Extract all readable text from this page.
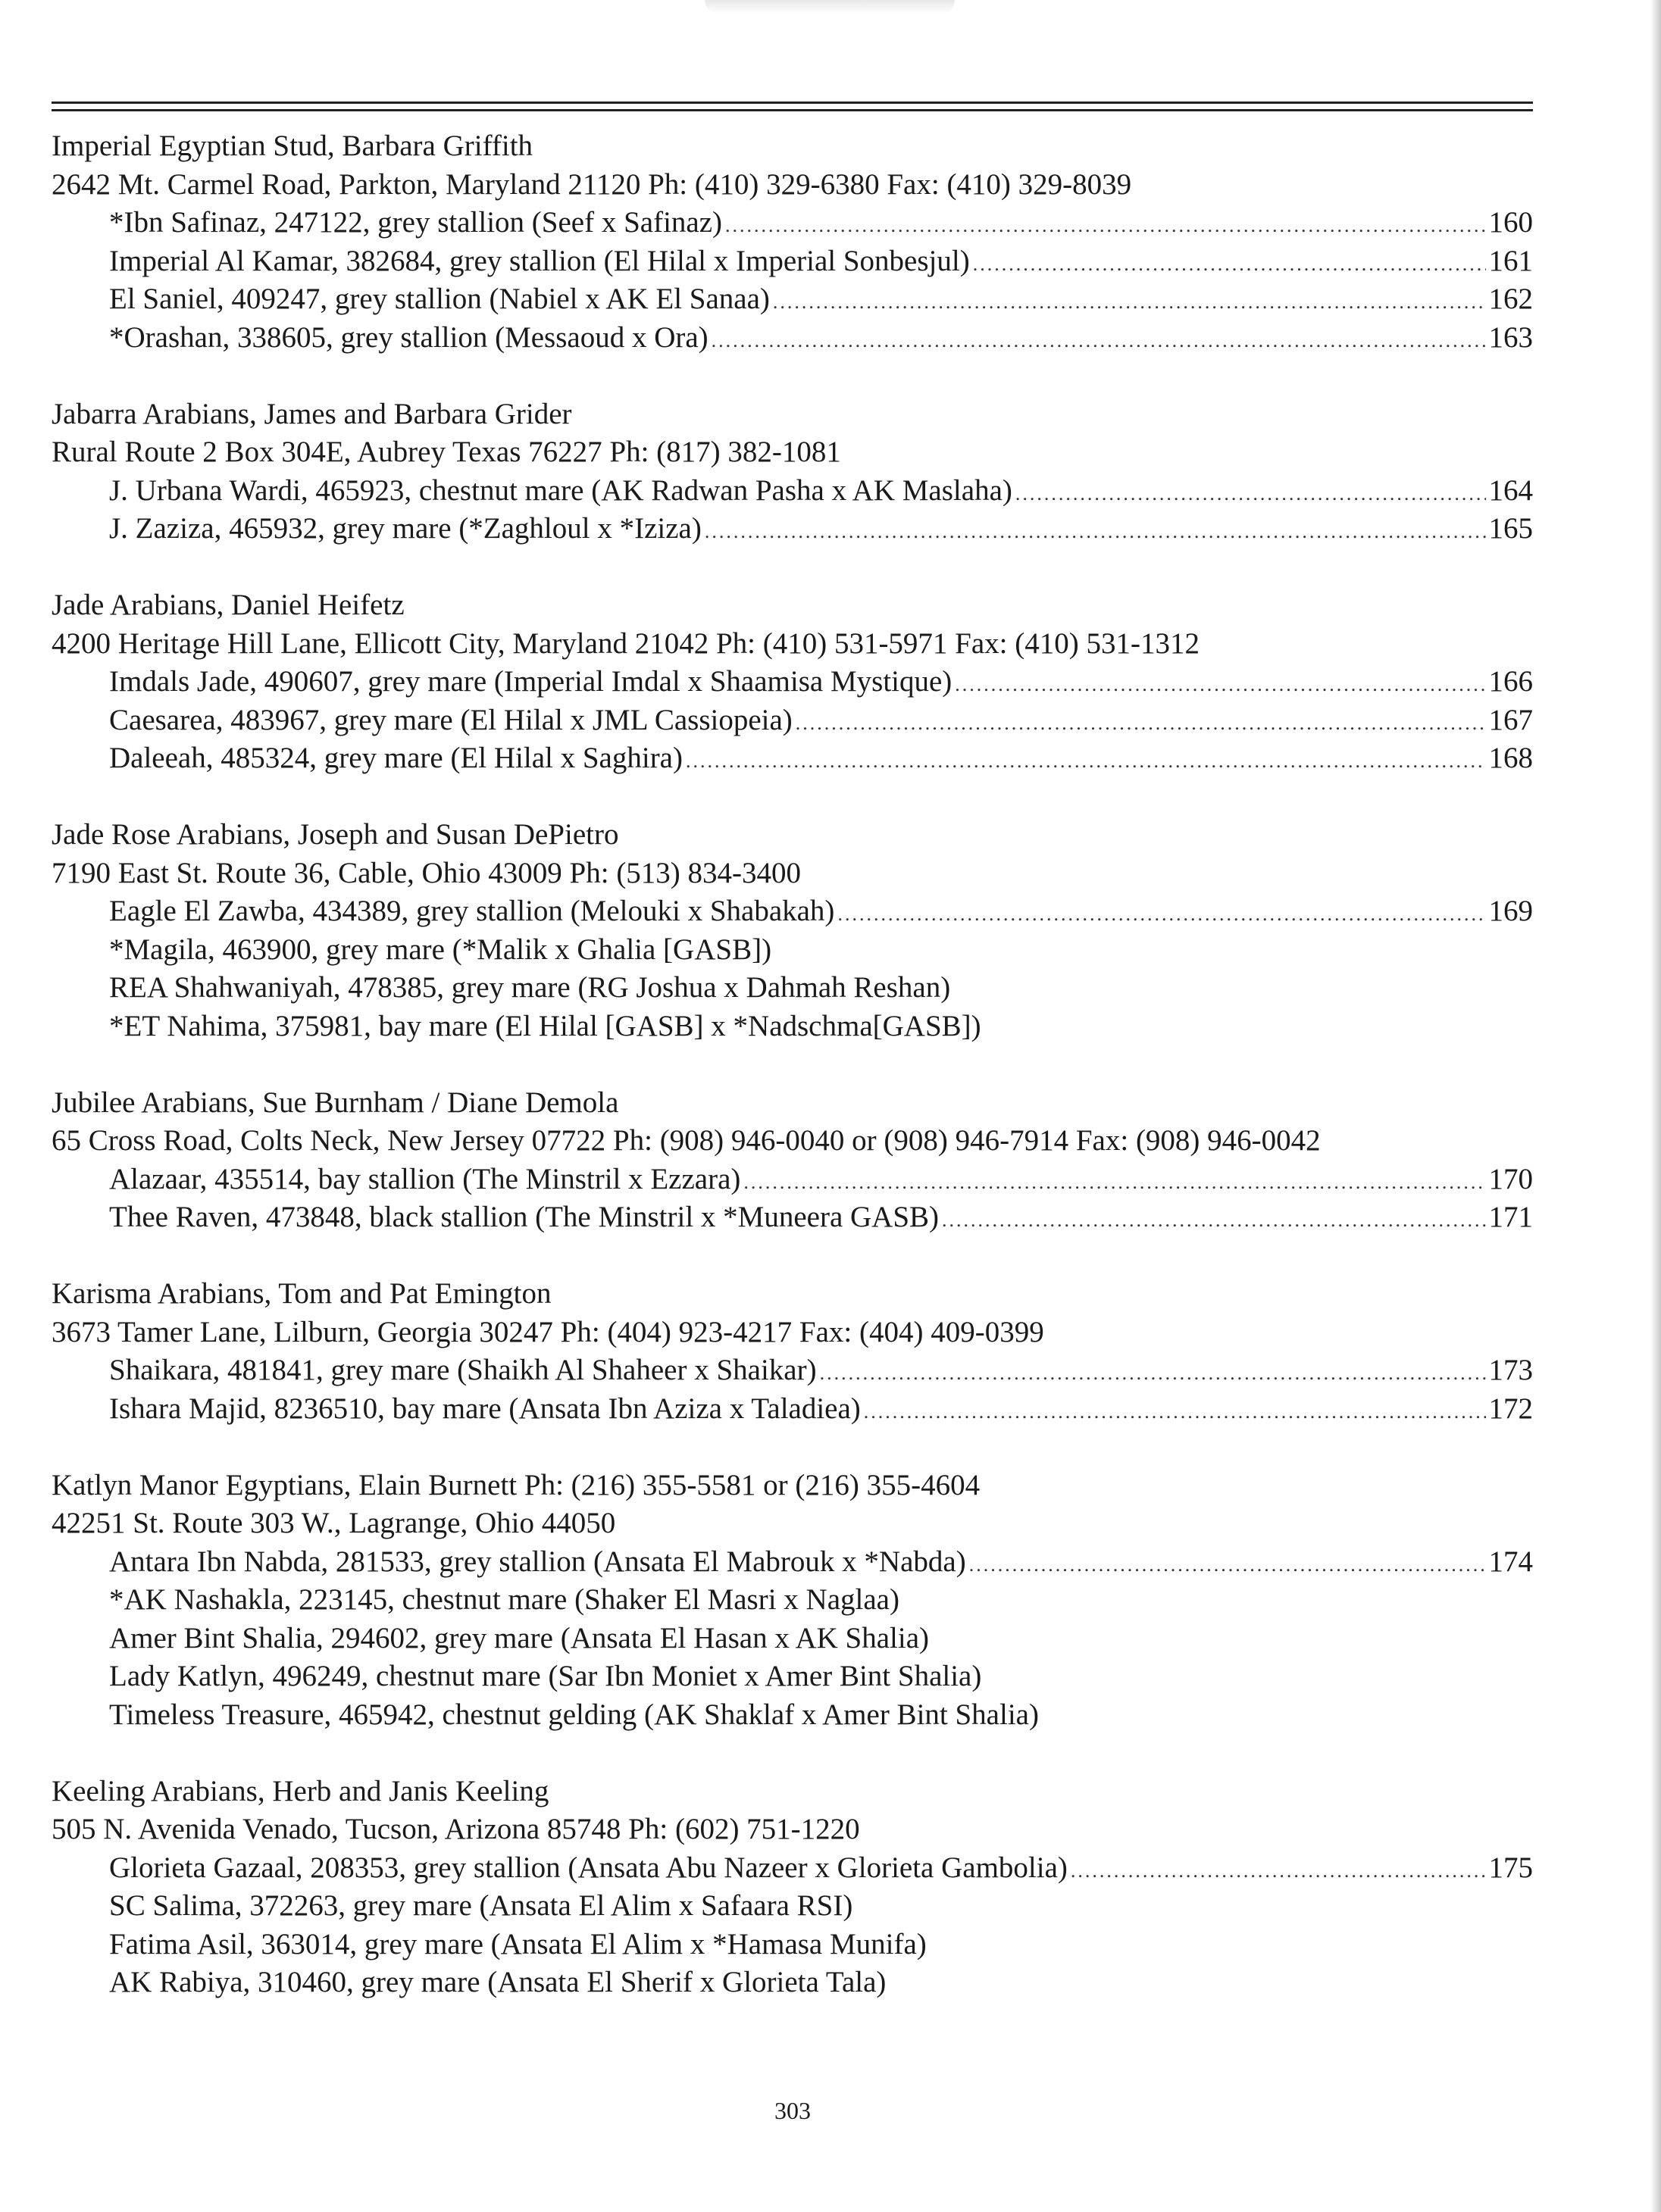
Imperial Egyptian Stud, Barbara Griffith
2642 Mt. Carmel Road, Parkton, Maryland 21120 Ph: (410) 329-6380 Fax: (410) 329-8039
*Ibn Safinaz, 247122, grey stallion (Seef x Safinaz) .....	160
Imperial Al Kamar, 382684, grey stallion (El Hilal x Imperial Sonbesjul) .....	161
El Saniel, 409247, grey stallion (Nabiel x AK El Sanaa) .....	162
*Orashan, 338605, grey stallion (Messaoud x Ora) .....	163
Jabarra Arabians, James and Barbara Grider
Rural Route 2 Box 304E, Aubrey Texas 76227 Ph: (817) 382-1081
J. Urbana Wardi, 465923, chestnut mare (AK Radwan Pasha x AK Maslaha) .....	164
J. Zaziza, 465932, grey mare (*Zaghloul x *Iziza) .....	165
Jade Arabians, Daniel Heifetz
4200 Heritage Hill Lane, Ellicott City, Maryland 21042 Ph: (410) 531-5971 Fax: (410) 531-1312
Imdals Jade, 490607, grey mare (Imperial Imdal x Shaamisa Mystique) .....	166
Caesarea, 483967, grey mare (El Hilal x JML Cassiopeia) .....	167
Daleeah, 485324, grey mare (El Hilal x Saghira) .....	168
Jade Rose Arabians, Joseph and Susan DePietro
7190 East St. Route 36, Cable, Ohio 43009 Ph: (513) 834-3400
Eagle El Zawba, 434389, grey stallion (Melouki x Shabakah) .....	169
*Magila, 463900, grey mare (*Malik x Ghalia [GASB])
REA Shahwaniyah, 478385, grey mare (RG Joshua x Dahmah Reshan)
*ET Nahima, 375981, bay mare (El Hilal [GASB] x *Nadschma[GASB])
Jubilee Arabians, Sue Burnham / Diane Demola
65 Cross Road, Colts Neck, New Jersey 07722 Ph: (908) 946-0040 or (908) 946-7914 Fax: (908) 946-0042
Alazaar, 435514, bay stallion (The Minstril x Ezzara) .....	170
Thee Raven, 473848, black stallion (The Minstril x *Muneera GASB) .....	171
Karisma Arabians, Tom and Pat Emington
3673 Tamer Lane, Lilburn, Georgia 30247 Ph: (404) 923-4217 Fax: (404) 409-0399
Shaikara, 481841, grey mare (Shaikh Al Shaheer x Shaikar) .....	173
Ishara Majid, 8236510, bay mare (Ansata Ibn Aziza x Taladiea) .....	172
Katlyn Manor Egyptians, Elain Burnett Ph: (216) 355-5581 or (216) 355-4604
42251 St. Route 303 W., Lagrange, Ohio 44050
Antara Ibn Nabda, 281533, grey stallion (Ansata El Mabrouk x *Nabda) .....	174
*AK Nashakla, 223145, chestnut mare (Shaker El Masri x Naglaa)
Amer Bint Shalia, 294602, grey mare (Ansata El Hasan x AK Shalia)
Lady Katlyn, 496249, chestnut mare (Sar Ibn Moniet x Amer Bint Shalia)
Timeless Treasure, 465942, chestnut gelding (AK Shaklaf x Amer Bint Shalia)
Keeling Arabians, Herb and Janis Keeling
505 N. Avenida Venado, Tucson, Arizona 85748 Ph: (602) 751-1220
Glorieta Gazaal, 208353, grey stallion (Ansata Abu Nazeer x Glorieta Gambolia) .....	175
SC Salima, 372263, grey mare (Ansata El Alim x Safaara RSI)
Fatima Asil, 363014, grey mare (Ansata El Alim x *Hamasa Munifa)
AK Rabiya, 310460, grey mare (Ansata El Sherif x Glorieta Tala)
303
